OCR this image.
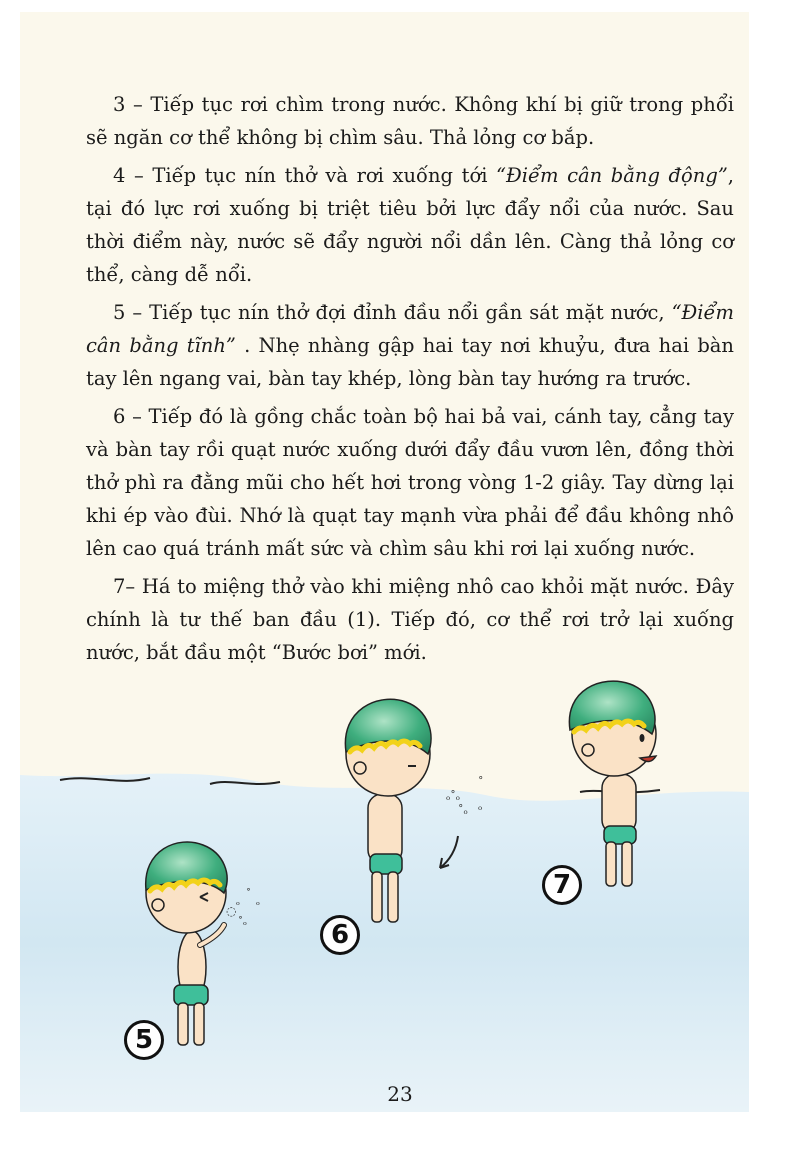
3 – Tiếp tục rơi chìm trong nước. Không khí bị giữ trong phổi sẽ ngăn cơ thể không bị chìm sâu. Thả lỏng cơ bắp.

4 – Tiếp tục nín thở và rơi xuống tới “Điểm cân bằng động”, tại đó lực rơi xuống bị triệt tiêu bởi lực đẩy nổi của nước. Sau thời điểm này, nước sẽ đẩy người nổi dần lên. Càng thả lỏng cơ thể, càng dễ nổi.

5 – Tiếp tục nín thở đợi đỉnh đầu nổi gần sát mặt nước, “Điểm cân bằng tĩnh” . Nhẹ nhàng gập hai tay nơi khuỷu, đưa hai bàn tay lên ngang vai, bàn tay khép, lòng bàn tay hướng ra trước.

6 – Tiếp đó là gồng chắc toàn bộ hai bả vai, cánh tay, cẳng tay và bàn tay rồi quạt nước xuống dưới đẩy đầu vươn lên, đồng thời thở phì ra đằng mũi cho hết hơi trong vòng 1-2 giây. Tay dừng lại khi ép vào đùi. Nhớ là quạt tay mạnh vừa phải để đầu không nhô lên cao quá tránh mất sức và chìm sâu khi rơi lại xuống nước.

7– Há to miệng thở vào khi miệng nhô cao khỏi mặt nước. Đây chính là tư thế ban đầu (1). Tiếp đó, cơ thể rơi trở lại xuống nước, bắt đầu một “Bước bơi” mới.

◌
ₒ
˚
ₒ
˚ₒ
ₒ˚ₒ
˚ₒ
˚
ₒ
5
6
7
23
